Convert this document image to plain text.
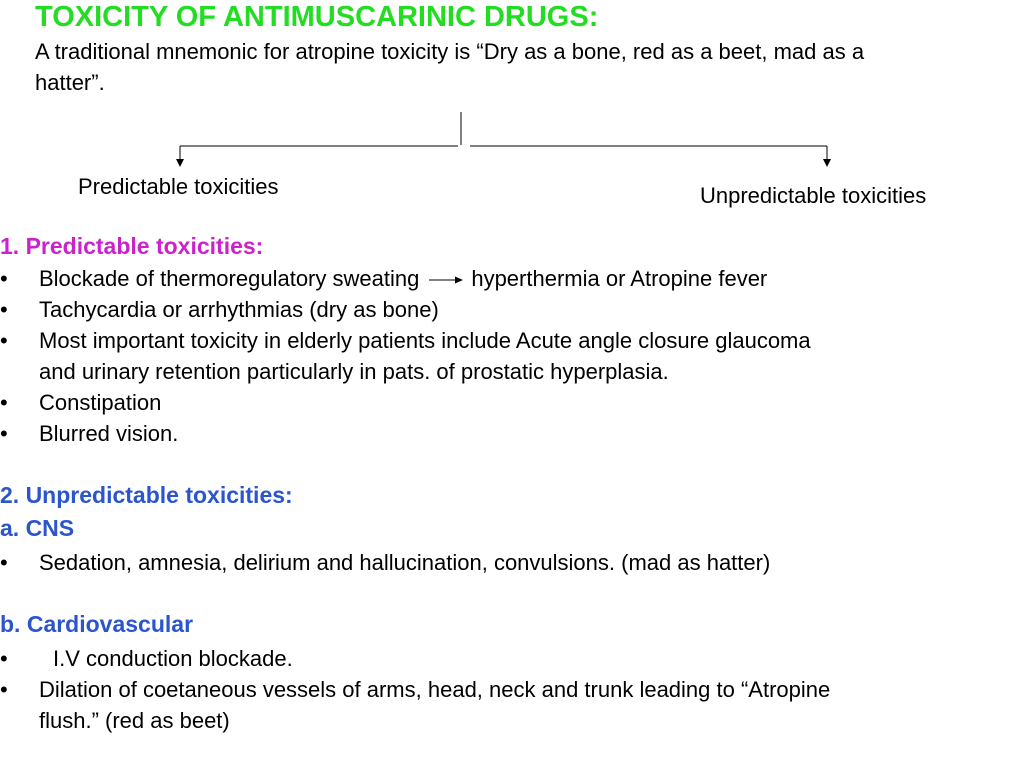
TOXICITY OF ANTIMUSCARINIC DRUGS:
A traditional mnemonic for atropine toxicity is “Dry as a bone, red as a beet, mad as a hatter”.
Predictable toxicities	Unpredictable toxicities
1. Predictable toxicities:
• Blockade of thermoregulatory sweating hyperthermia or Atropine fever
• Tachycardia or arrhythmias (dry as bone)
• Most important toxicity in elderly patients include Acute angle closure glaucoma
and urinary retention particularly in pats. of prostatic hyperplasia.
• Constipation
• Blurred vision.
2. Unpredictable toxicities:
a. CNS
• Sedation, amnesia, delirium and hallucination, convulsions. (mad as hatter)
b. Cardiovascular
• I.V conduction blockade.
• Dilation of coetaneous vessels of arms, head, neck and trunk leading to “Atropine
flush.” (red as beet)
